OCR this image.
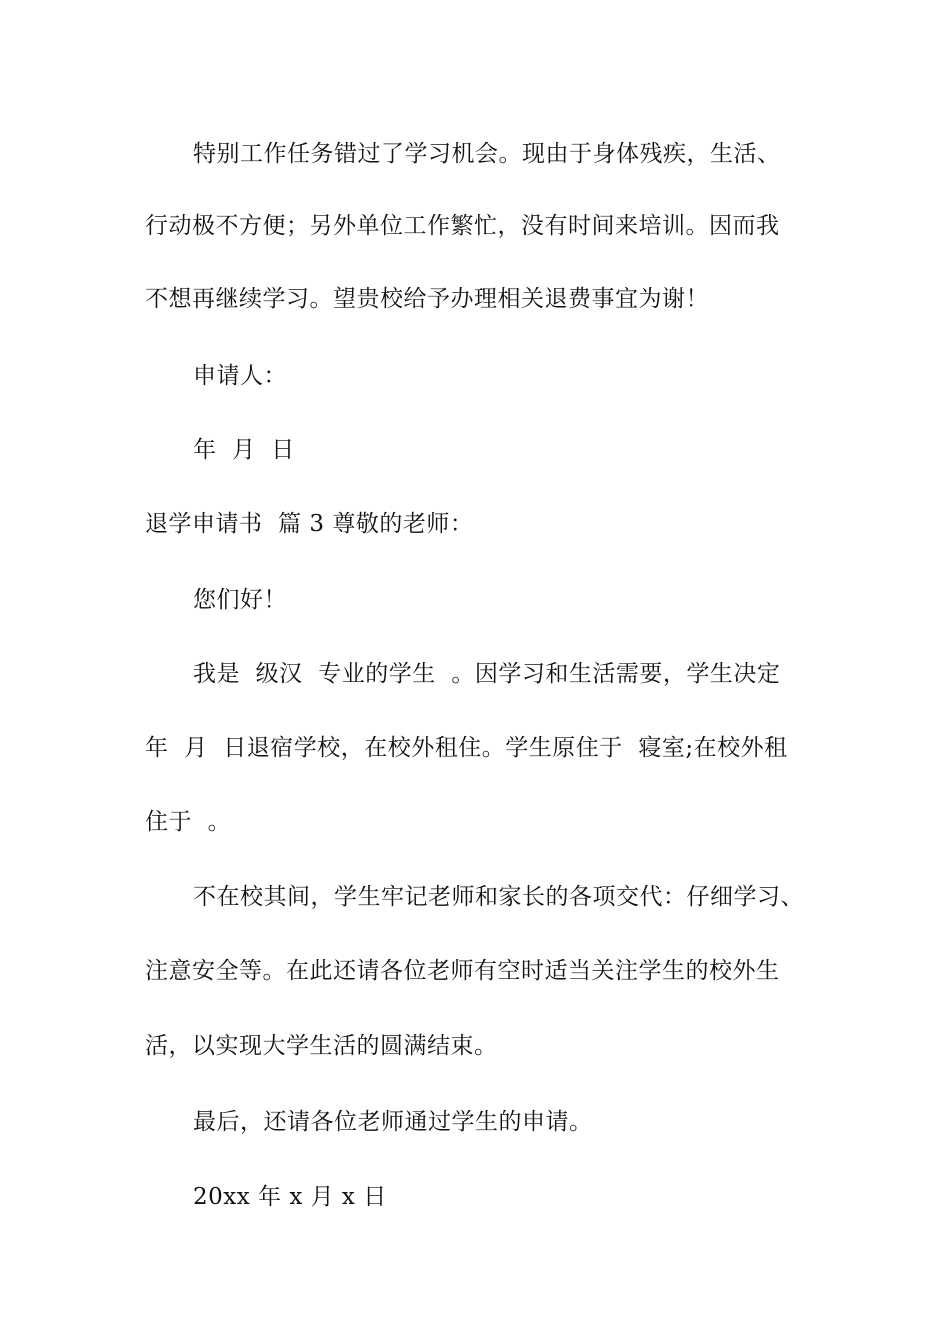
特别工作任务错过了学习机会。现由于身体残疾，生活、
行动极不方便；另外单位工作繁忙，没有时间来培训。因而我
不想再继续学习。望贵校给予办理相关退费事宜为谢！
申请人：
年  月  日
退学申请书  篇 3 尊敬的老师：
您们好！
我是  级汉  专业的学生  。因学习和生活需要，学生决定
年  月  日退宿学校，在校外租住。学生原住于  寝室;在校外租
住于  。
不在校其间，学生牢记老师和家长的各项交代：仔细学习、
注意安全等。在此还请各位老师有空时适当关注学生的校外生
活，以实现大学生活的圆满结束。
最后，还请各位老师通过学生的申请。
20xx 年 x 月 x 日
